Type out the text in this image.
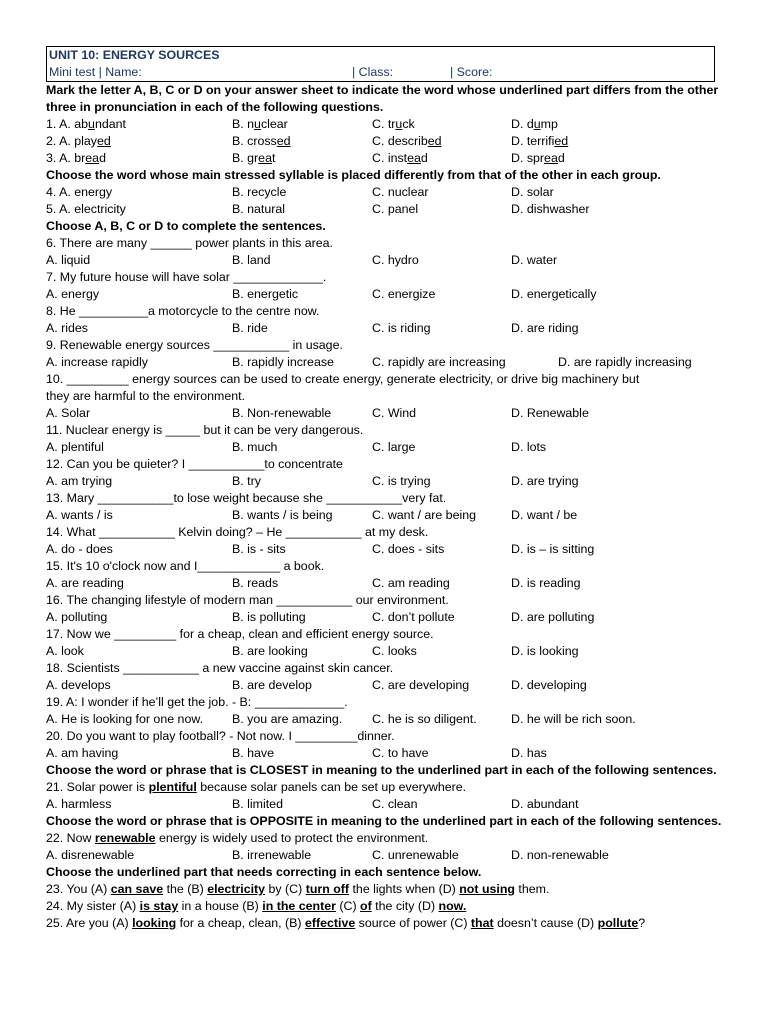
UNIT 10: ENERGY SOURCES
Mini test | Name:	| Class:	| Score:
Mark the letter A, B, C or D on your answer sheet to indicate the word whose underlined part differs from the other three in pronunciation in each of the following questions.
1. A. abundant	B. nuclear	C. truck	D. dump
2. A. played	B. crossed	C. described	D. terrified
3. A. bread	B. great	C. instead	D. spread
Choose the word whose main stressed syllable is placed differently from that of the other in each group.
4. A. energy	B. recycle	C. nuclear	D. solar
5. A. electricity	B. natural	C. panel	D. dishwasher
Choose A, B, C or D to complete the sentences.
6. There are many ______ power plants in this area.
A. liquid	B. land	C. hydro	D. water
7. My future house will have solar _____________.
A. energy	B. energetic	C. energize	D. energetically
8. He __________a motorcycle to the centre now.
A. rides	B. ride	C. is riding	D. are riding
9. Renewable energy sources ___________ in usage.
A. increase rapidly	B. rapidly increase	C. rapidly are increasing	D. are rapidly increasing
10. _________ energy sources can be used to create energy, generate electricity, or drive big machinery but
they are harmful to the environment.
A. Solar	B. Non-renewable	C. Wind	D. Renewable
11. Nuclear energy is _____ but it can be very dangerous.
A. plentiful	B. much	C. large	D. lots
12. Can you be quieter? I ___________to concentrate
A. am trying	B. try	C. is trying	D. are trying
13. Mary ___________to lose weight because she ___________very fat.
A. wants / is	B. wants / is being	C. want / are being	D. want / be
14. What ___________ Kelvin doing? – He ___________ at my desk.
A. do - does	B. is - sits	C. does - sits	D. is – is sitting
15. It's 10 o'clock now and I____________ a book.
A. are reading	B. reads	C. am reading	D. is reading
16. The changing lifestyle of modern man ___________ our environment.
A. polluting	B. is polluting	C. don’t pollute	D. are polluting
17. Now we _________ for a cheap, clean and efficient energy source.
A. look	B. are looking	C. looks	D. is looking
18. Scientists ___________ a new vaccine against skin cancer.
A. develops	B. are develop	C. are developing	D. developing
19. A: I wonder if he’ll get the job. - B: _____________.
A. He is looking for one now.	B. you are amazing.	C. he is so diligent.	D. he will be rich soon.
20. Do you want to play football? - Not now. I _________dinner.
A. am having	B. have	C. to have	D. has
Choose the word or phrase that is CLOSEST in meaning to the underlined part in each of the following sentences.
21. Solar power is plentiful because solar panels can be set up everywhere.
A. harmless	B. limited	C. clean	D. abundant
Choose the word or phrase that is OPPOSITE in meaning to the underlined part in each of the following sentences.
22. Now renewable energy is widely used to protect the environment.
A. disrenewable	B. irrenewable	C. unrenewable	D. non-renewable
Choose the underlined part that needs correcting in each sentence below.
23. You (A) can save the (B) electricity by (C) turn off the lights when (D) not using them.
24. My sister (A) is stay in a house (B) in the center (C) of the city (D) now.
25. Are you (A) looking for a cheap, clean, (B) effective source of power (C) that doesn’t cause (D) pollute?
